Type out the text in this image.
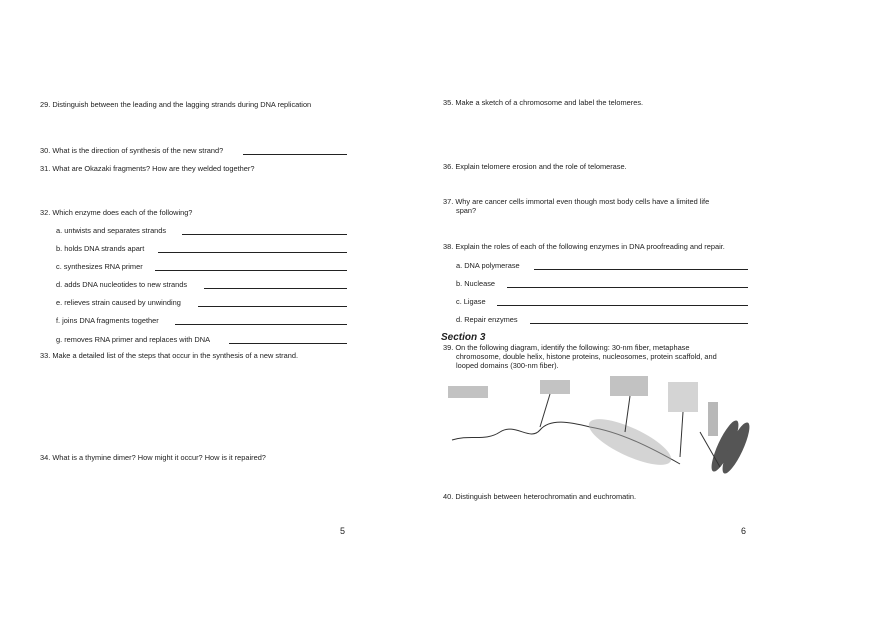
29. Distinguish between the leading and the lagging strands during DNA replication
30. What is the direction of synthesis of the new strand?
31. What are Okazaki fragments? How are they welded together?
32. Which enzyme does each of the following?
a. untwists and separates strands
b. holds DNA strands apart
c. synthesizes RNA primer
d. adds DNA nucleotides to new strands
e. relieves strain caused by unwinding
f. joins DNA fragments together
g. removes RNA primer and replaces with DNA
33. Make a detailed list of the steps that occur in the synthesis of a new strand.
34. What is a thymine dimer? How might it occur? How is it repaired?
5
35. Make a sketch of a chromosome and label the telomeres.
36. Explain telomere erosion and the role of telomerase.
37. Why are cancer cells immortal even though most body cells have a limited life
span?
38. Explain the roles of each of the following enzymes in DNA proofreading and repair.
a. DNA polymerase
b. Nuclease
c. Ligase
d. Repair enzymes
Section 3
39. On the following diagram, identify the following: 30-nm fiber, metaphase
chromosome, double helix, histone proteins, nucleosomes, protein scaffold, and
looped domains (300-nm fiber).
40. Distinguish between heterochromatin and euchromatin.
6
